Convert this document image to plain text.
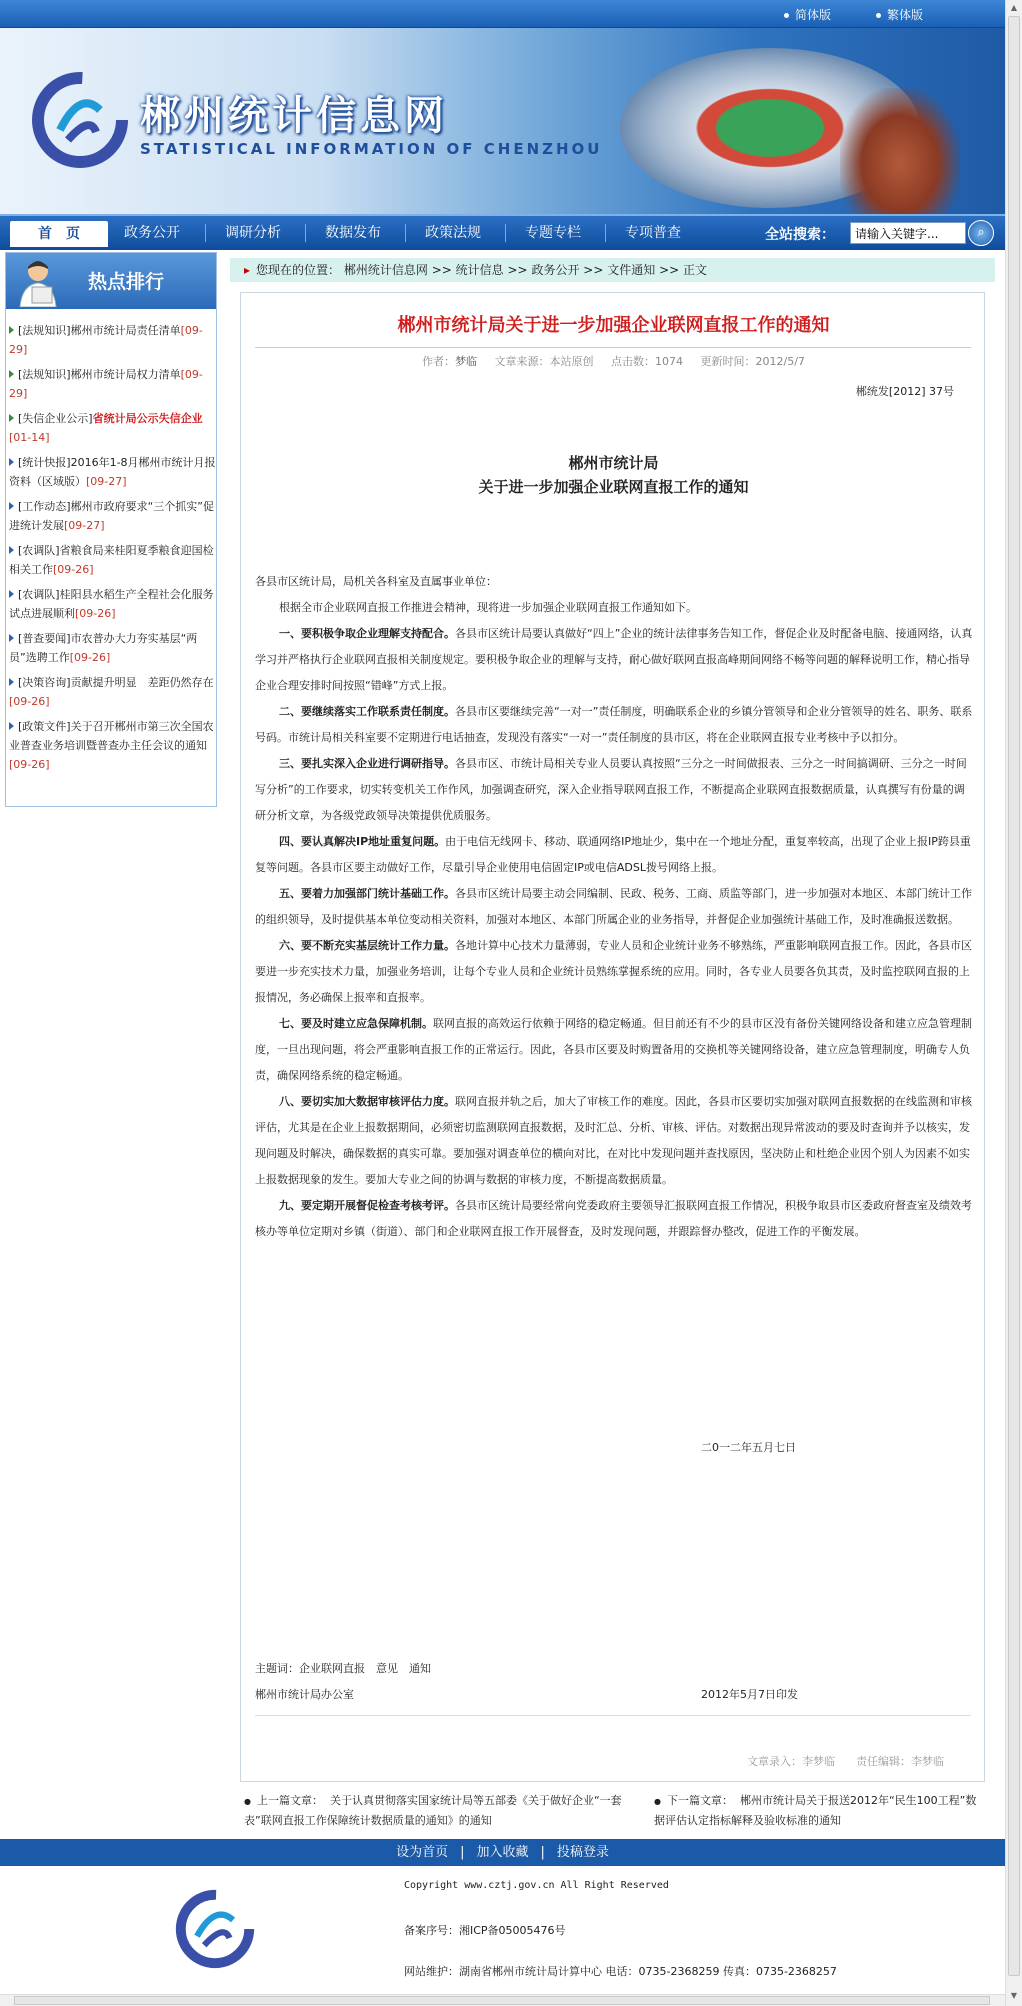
简体版	繁体版
郴州统计信息网
STATISTICAL INFORMATION OF CHENZHOU
首　页	政务公开	调研分析	数据发布	政策法规	专题专栏	专项普查	全站搜索：
请输入关键字...	⌕
热点排行
[法规知识]郴州市统计局责任清单[09-29]
[法规知识]郴州市统计局权力清单[09-29]
[失信企业公示]省统计局公示失信企业[01-14]
[统计快报]2016年1-8月郴州市统计月报资料（区域版）[09-27]
[工作动态]郴州市政府要求“三个抓实”促进统计发展[09-27]
[农调队]省粮食局来桂阳夏季粮食迎国检相关工作[09-26]
[农调队]桂阳县水稻生产全程社会化服务试点进展顺利[09-26]
[普查要闻]市农普办大力夯实基层“两员”选聘工作[09-26]
[决策咨询]贡献提升明显　差距仍然存在[09-26]
[政策文件]关于召开郴州市第三次全国农业普查业务培训暨普查办主任会议的通知[09-26]
▸ 您现在的位置： 郴州统计信息网 >> 统计信息 >> 政务公开 >> 文件通知 >> 正文
郴州市统计局关于进一步加强企业联网直报工作的通知
作者：梦临 文章来源：本站原创 点击数：1074 更新时间：2012/5/7
郴统发[2012] 37号
郴州市统计局
关于进一步加强企业联网直报工作的通知

各县市区统计局，局机关各科室及直属事业单位：

根据全市企业联网直报工作推进会精神，现将进一步加强企业联网直报工作通知如下。

一、要积极争取企业理解支持配合。各县市区统计局要认真做好“四上”企业的统计法律事务告知工作，督促企业及时配备电脑、接通网络，认真学习并严格执行企业联网直报相关制度规定。要积极争取企业的理解与支持，耐心做好联网直报高峰期间网络不畅等问题的解释说明工作，精心指导企业合理安排时间按照“错峰”方式上报。

二、要继续落实工作联系责任制度。各县市区要继续完善“一对一”责任制度，明确联系企业的乡镇分管领导和企业分管领导的姓名、职务、联系号码。市统计局相关科室要不定期进行电话抽查，发现没有落实“一对一”责任制度的县市区，将在企业联网直报专业考核中予以扣分。

三、要扎实深入企业进行调研指导。各县市区、市统计局相关专业人员要认真按照“三分之一时间做报表、三分之一时间搞调研、三分之一时间写分析”的工作要求，切实转变机关工作作风，加强调查研究，深入企业指导联网直报工作，不断提高企业联网直报数据质量，认真撰写有份量的调研分析文章，为各级党政领导决策提供优质服务。

四、要认真解决IP地址重复问题。由于电信无线网卡、移动、联通网络IP地址少，集中在一个地址分配，重复率较高，出现了企业上报IP跨县重复等问题。各县市区要主动做好工作，尽量引导企业使用电信固定IP或电信ADSL拨号网络上报。

五、要着力加强部门统计基础工作。各县市区统计局要主动会同编制、民政、税务、工商、质监等部门，进一步加强对本地区、本部门统计工作的组织领导，及时提供基本单位变动相关资料，加强对本地区、本部门所属企业的业务指导，并督促企业加强统计基础工作，及时准确报送数据。

六、要不断充实基层统计工作力量。各地计算中心技术力量薄弱，专业人员和企业统计业务不够熟练，严重影响联网直报工作。因此，各县市区要进一步充实技术力量，加强业务培训，让每个专业人员和企业统计员熟练掌握系统的应用。同时，各专业人员要各负其责，及时监控联网直报的上报情况，务必确保上报率和直报率。

七、要及时建立应急保障机制。联网直报的高效运行依赖于网络的稳定畅通。但目前还有不少的县市区没有备份关键网络设备和建立应急管理制度，一旦出现问题，将会严重影响直报工作的正常运行。因此，各县市区要及时购置备用的交换机等关键网络设备，建立应急管理制度，明确专人负责，确保网络系统的稳定畅通。

八、要切实加大数据审核评估力度。联网直报并轨之后，加大了审核工作的难度。因此，各县市区要切实加强对联网直报数据的在线监测和审核评估，尤其是在企业上报数据期间，必须密切监测联网直报数据，及时汇总、分析、审核、评估。对数据出现异常波动的要及时查询并予以核实，发现问题及时解决，确保数据的真实可靠。要加强对调查单位的横向对比，在对比中发现问题并查找原因，坚决防止和杜绝企业因个别人为因素不如实上报数据现象的发生。要加大专业之间的协调与数据的审核力度，不断提高数据质量。

九、要定期开展督促检查考核考评。各县市区统计局要经常向党委政府主要领导汇报联网直报工作情况，积极争取县市区委政府督查室及绩效考核办等单位定期对乡镇（街道）、部门和企业联网直报工作开展督查，及时发现问题，并跟踪督办整改，促进工作的平衡发展。

二0一二年五月七日
主题词：企业联网直报　意见　通知
郴州市统计局办公室	2012年5月7日印发
文章录入：李梦临 责任编辑：李梦临
● 上一篇文章： 关于认真贯彻落实国家统计局等五部委《关于做好企业“一套表”联网直报工作保障统计数据质量的通知》的通知
● 下一篇文章： 郴州市统计局关于报送2012年“民生100工程”数据评估认定指标解释及验收标准的通知
设为首页 | 加入收藏 | 投稿登录
Copyright www.cztj.gov.cn All Right Reserved
备案序号：湘ICP备05005476号
网站维护：湖南省郴州市统计局计算中心 电话：0735-2368259 传真：0735-2368257
▲
▼
